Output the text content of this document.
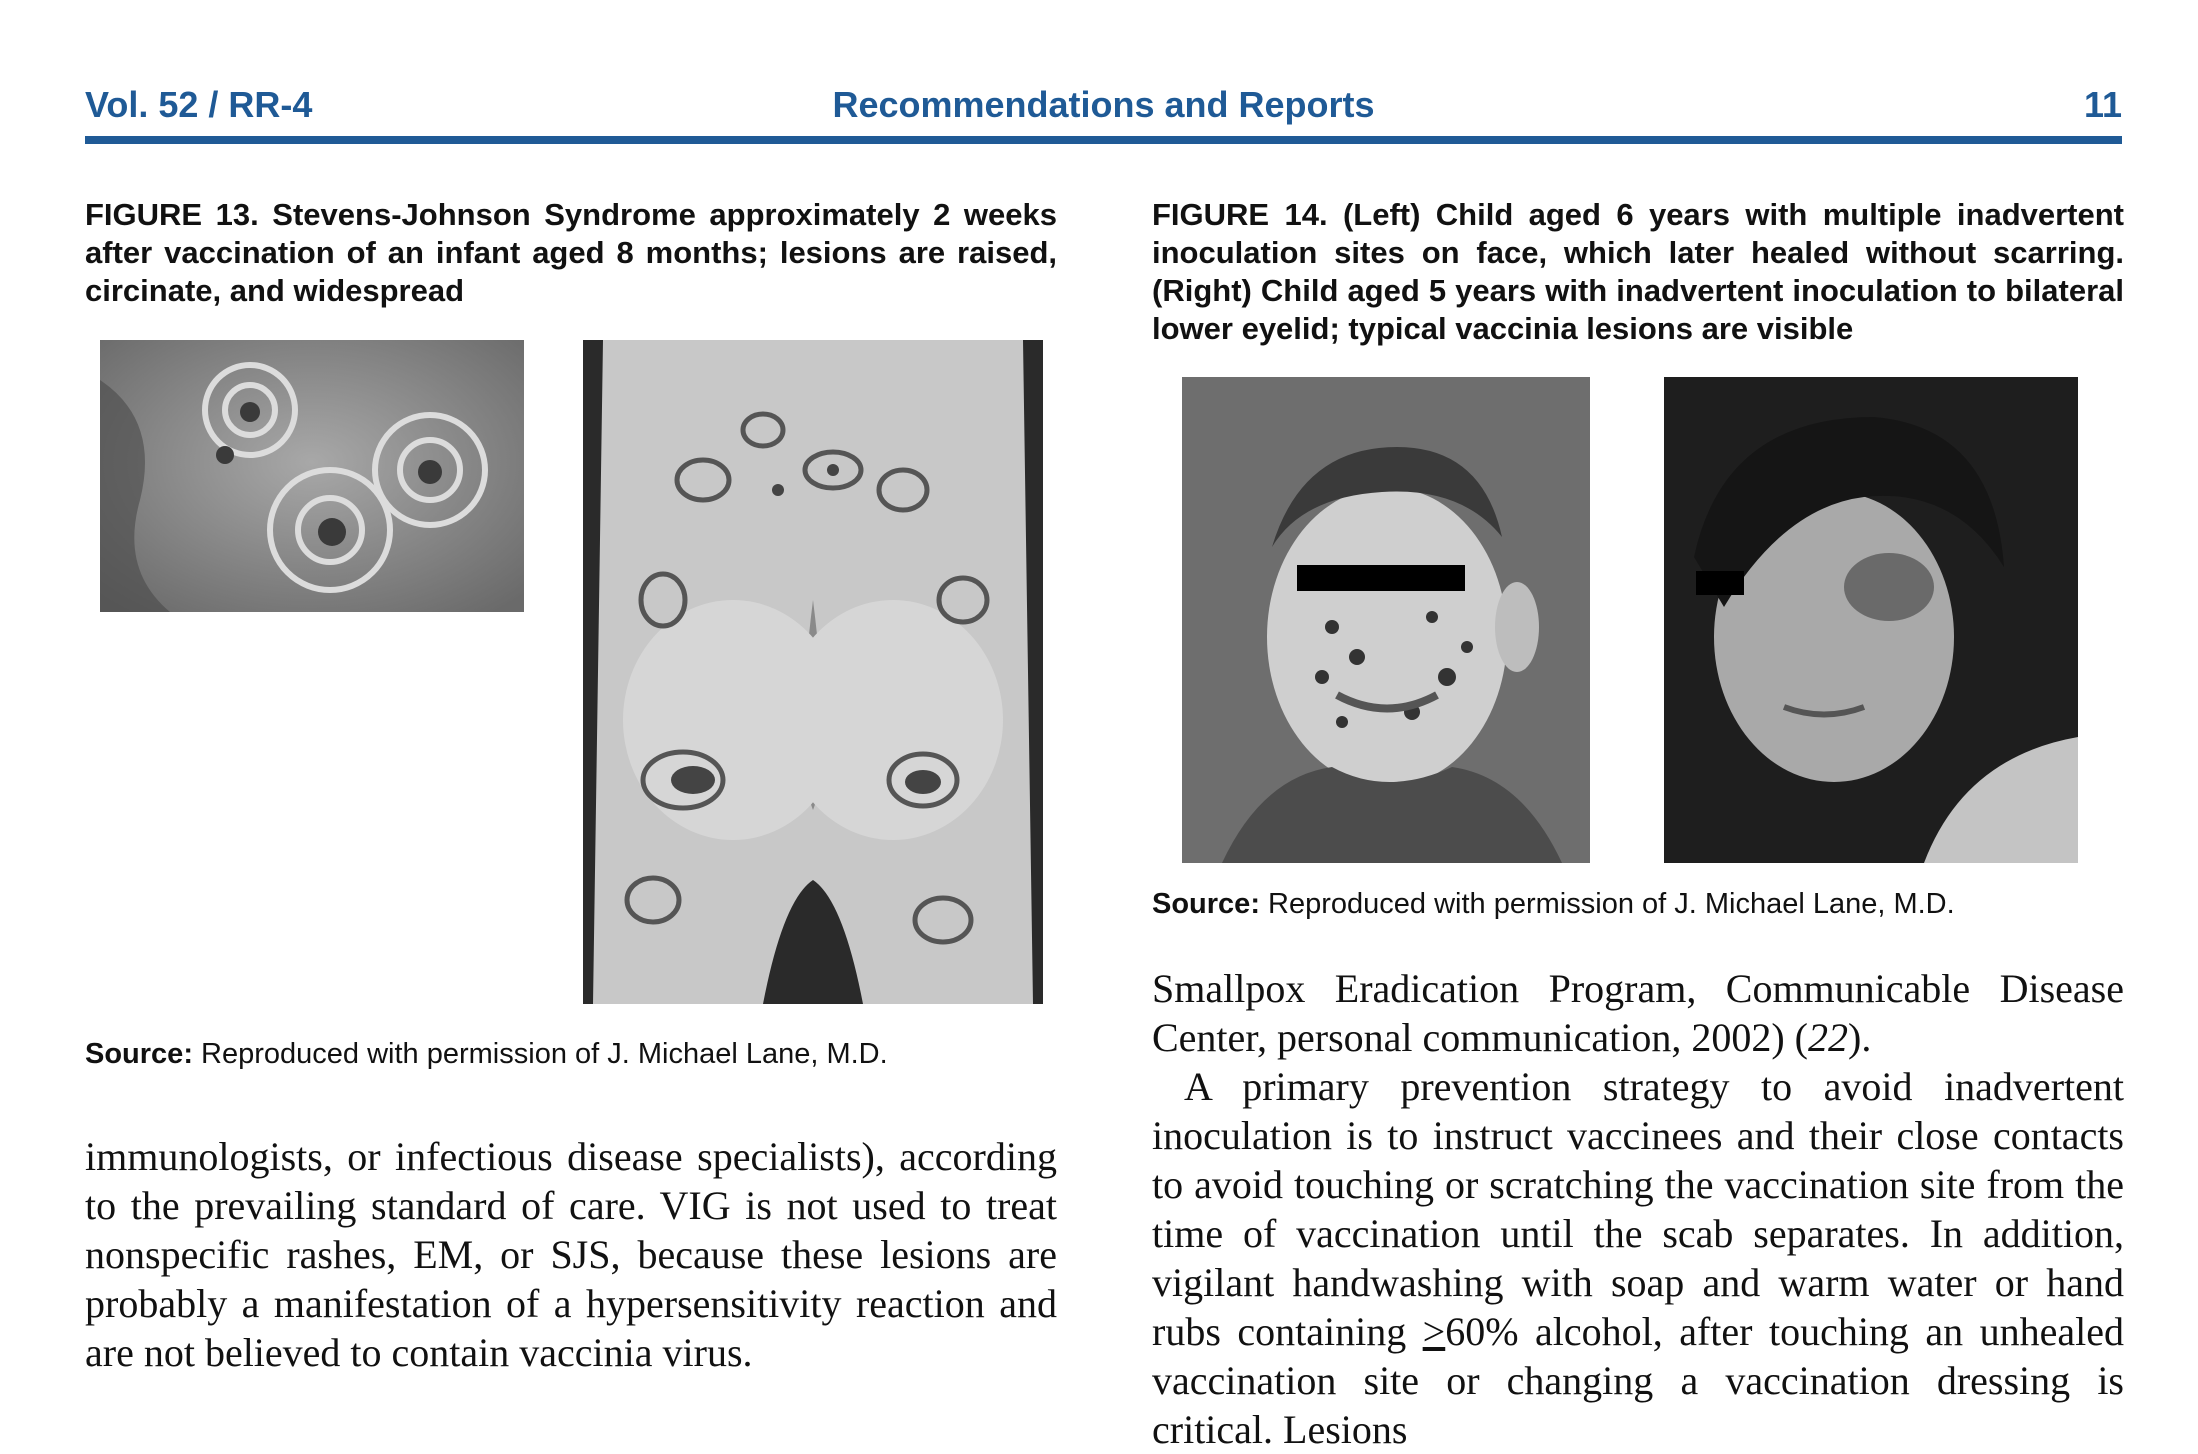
Vol. 52 / RR-4	Recommendations and Reports	11
FIGURE 13. Stevens-Johnson Syndrome approximately 2 weeks after vaccination of an infant aged 8 months; lesions are raised, circinate, and widespread
Source: Reproduced with permission of J. Michael Lane, M.D.

immunologists, or infectious disease specialists), according to the prevailing standard of care. VIG is not used to treat nonspecific rashes, EM, or SJS, because these lesions are probably a manifestation of a hypersensitivity reaction and are not believed to contain vaccinia virus.

FIGURE 14. (Left) Child aged 6 years with multiple inadvertent inoculation sites on face, which later healed without scarring. (Right) Child aged 5 years with inadvertent inoculation to bilateral lower eyelid; typical vaccinia lesions are visible
Source: Reproduced with permission of J. Michael Lane, M.D.

Smallpox Eradication Program, Communicable Disease Center, personal communication, 2002) (22).

A primary prevention strategy to avoid inadvertent inoculation is to instruct vaccinees and their close contacts to avoid touching or scratching the vaccination site from the time of vaccination until the scab separates. In addition, vigilant handwashing with soap and warm water or hand rubs containing ≥60% alcohol, after touching an unhealed vaccination site or changing a vaccination dressing is critical. Lesions
